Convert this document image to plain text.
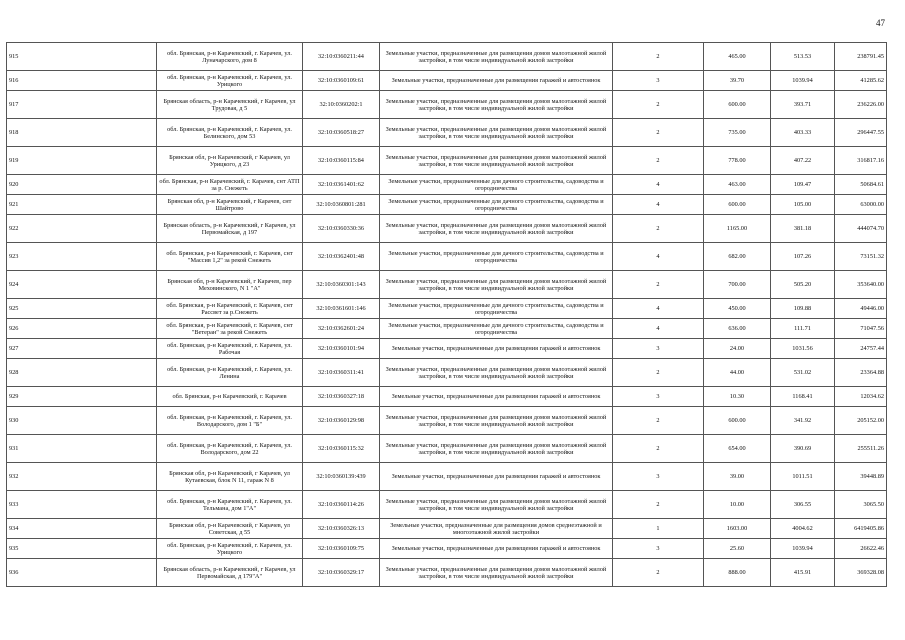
47
915	обл. Брянская, р-н Карачевский, г. Карачев, ул. Луначарского, дом 8	32:10:0360211:44	Земельные участки, предназначенные для размещения домов малоэтажной жилой застройки, в том числе индивидуальной жилой застройки	2	465.00	513.53	238791.45
916	обл. Брянская, р-н Карачевский, г. Карачев, ул. Урицкого	32:10:0360109:61	Земельные участки, предназначенные для размещения гаражей и автостоянок	3	39.70	1039.94	41285.62
917	Брянская область, р-н Карачевский, г Карачев, ул Трудовая, д 5	32:10:0360202:1	Земельные участки, предназначенные для размещения домов малоэтажной жилой застройки, в том числе индивидуальной жилой застройки	2	600.00	393.71	236226.00
918	обл. Брянская, р-н Карачевский, г. Карачев, ул. Белинского, дом 53	32:10:0360518:27	Земельные участки, предназначенные для размещения домов малоэтажной жилой застройки, в том числе индивидуальной жилой застройки	2	735.00	403.33	296447.55
919	Брянская обл, р-н Карачевский, г Карачев, ул Урицкого, д 23	32:10:0360115:84	Земельные участки, предназначенные для размещения домов малоэтажной жилой застройки, в том числе индивидуальной жилой застройки	2	778.00	407.22	316817.16
920	обл. Брянская, р-н Карачевский, г. Карачев, снт АТП за р. Снежеть	32:10:0361401:62	Земельные участки, предназначенные для дачного строительства, садоводства и огородничества	4	463.00	109.47	50684.61
921	Брянская обл, р-н Карачевский, г Карачев, снт Шайтрово	32:10:0360801:281	Земельные участки, предназначенные для дачного строительства, садоводства и огородничества	4	600.00	105.00	63000.00
922	Брянская область, р-н Карачевский, г Карачев, ул Первомайская, д 197	32:10:0360330:36	Земельные участки, предназначенные для размещения домов малоэтажной жилой застройки, в том числе индивидуальной жилой застройки	2	1165.00	381.18	444074.70
923	обл. Брянская, р-н Карачевский, г. Карачев, снт "Массив 1,2" за рекой Снежеть	32:10:0362401:48	Земельные участки, предназначенные для дачного строительства, садоводства и огородничества	4	682.00	107.26	73151.32
924	Брянская обл, р-н Карачевский, г Карачев, пер Меховинского, N 1 "А"	32:10:0360301:143	Земельные участки, предназначенные для размещения домов малоэтажной жилой застройки, в том числе индивидуальной жилой застройки	2	700.00	505.20	353640.00
925	обл. Брянская, р-н Карачевский, г. Карачев, снт Рассвет за р.Снежеть	32:10:0361601:146	Земельные участки, предназначенные для дачного строительства, садоводства и огородничества	4	450.00	109.88	49446.00
926	обл. Брянская, р-н Карачевский, г. Карачев, снт "Ветеран" за рекой Снежеть	32:10:0362601:24	Земельные участки, предназначенные для дачного строительства, садоводства и огородничества	4	636.00	111.71	71047.56
927	обл. Брянская, р-н Карачевский, г. Карачев, ул. Рабочая	32:10:0360101:94	Земельные участки, предназначенные для размещения гаражей и автостоянок	3	24.00	1031.56	24757.44
928	обл. Брянская, р-н Карачевский, г. Карачев, ул. Ленина	32:10:0360311:41	Земельные участки, предназначенные для размещения домов малоэтажной жилой застройки, в том числе индивидуальной жилой застройки	2	44.00	531.02	23364.88
929	обл. Брянская, р-н Карачевский, г. Карачев	32:10:0360327:18	Земельные участки, предназначенные для размещения гаражей и автостоянок	3	10.30	1168.41	12034.62
930	обл. Брянская, р-н Карачевский, г. Карачев, ул. Володарского, дом 1 "Б"	32:10:0360129:98	Земельные участки, предназначенные для размещения домов малоэтажной жилой застройки, в том числе индивидуальной жилой застройки	2	600.00	341.92	205152.00
931	обл. Брянская, р-н Карачевский, г. Карачев, ул. Володарского, дом 22	32:10:0360115:32	Земельные участки, предназначенные для размещения домов малоэтажной жилой застройки, в том числе индивидуальной жилой застройки	2	654.00	390.69	255511.26
932	Брянская обл, р-н Карачевский, г Карачев, ул Кутаевская, блок N 11, гараж N 8	32:10:0360139:439	Земельные участки, предназначенные для размещения гаражей и автостоянок	3	39.00	1011.51	39448.89
933	обл. Брянская, р-н Карачевский, г. Карачев, ул. Тельмана, дом 1"А"	32:10:0360114:26	Земельные участки, предназначенные для размещения домов малоэтажной жилой застройки, в том числе индивидуальной жилой застройки	2	10.00	306.55	3065.50
934	Брянская обл, р-н Карачевский, г Карачев, ул Советская, д 55	32:10:0360326:13	Земельные участки, предназначенные для размещения домов среднеэтажной и многоэтажной жилой застройки	1	1603.00	4004.62	6419405.86
935	обл. Брянская, р-н Карачевский, г. Карачев, ул. Урицкого	32:10:0360109:75	Земельные участки, предназначенные для размещения гаражей и автостоянок	3	25.60	1039.94	26622.46
936	Брянская область, р-н Карачевский, г Карачев, ул Первомайская, д 179"А"	32:10:0360329:17	Земельные участки, предназначенные для размещения домов малоэтажной жилой застройки, в том числе индивидуальной жилой застройки	2	888.00	415.91	369328.08
